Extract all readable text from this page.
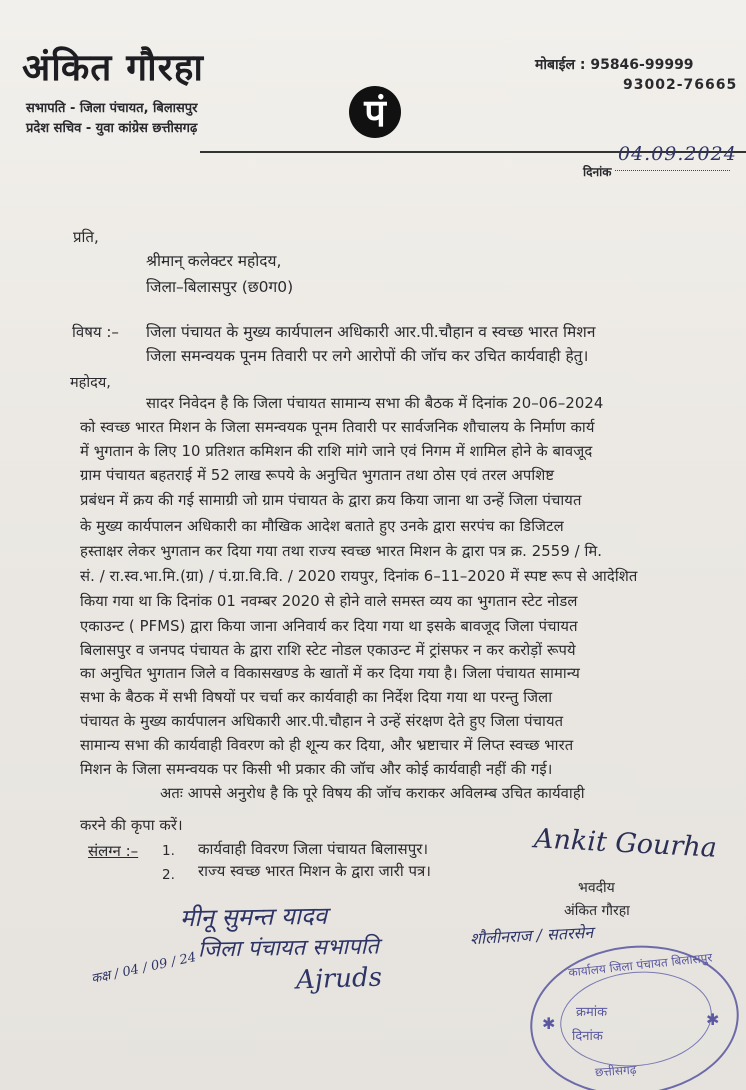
अंकित गौरहा
सभापति - जिला पंचायत, बिलासपुर
प्रदेश सचिव - युवा कांग्रेस छत्तीसगढ़
मोबाईल : 95846-99999
93002-76665
पं
दिनांक
04.09.2024
प्रति,
श्रीमान् कलेक्टर महोदय,
जिला–बिलासपुर (छ0ग0)
विषय :– जिला पंचायत के मुख्य कार्यपालन अधिकारी आर.पी.चौहान व स्वच्छ भारत मिशन
जिला समन्वयक पूनम तिवारी पर लगे आरोपों की जॉच कर उचित कार्यवाही हेतु।
महोदय,
सादर निवेदन है कि जिला पंचायत सामान्य सभा की बैठक में दिनांक 20–06–2024
को स्वच्छ भारत मिशन के जिला समन्वयक पूनम तिवारी पर सार्वजनिक शौचालय के निर्माण कार्य
में भुगतान के लिए 10 प्रतिशत कमिशन की राशि मांगे जाने एवं निगम में शामिल होने के बावजूद
ग्राम पंचायत बहतराई में 52 लाख रूपये के अनुचित भुगतान तथा ठोस एवं तरल अपशिष्ट
प्रबंधन में क्रय की गई सामाग्री जो ग्राम पंचायत के द्वारा क्रय किया जाना था उन्हें जिला पंचायत
के मुख्य कार्यपालन अधिकारी का मौखिक आदेश बताते हुए उनके द्वारा सरपंच का डिजिटल
हस्ताक्षर लेकर भुगतान कर दिया गया तथा राज्य स्वच्छ भारत मिशन के द्वारा पत्र क्र. 2559 / मि.
सं. / रा.स्व.भा.मि.(ग्रा) / पं.ग्रा.वि.वि. / 2020 रायपुर, दिनांक 6–11–2020 में स्पष्ट रूप से आदेशित
किया गया था कि दिनांक 01 नवम्बर 2020 से होने वाले समस्त व्यय का भुगतान स्टेट नोडल
एकाउन्ट ( PFMS) द्वारा किया जाना अनिवार्य कर दिया गया था इसके बावजूद जिला पंचायत
बिलासपुर व जनपद पंचायत के द्वारा राशि स्टेट नोडल एकाउन्ट में ट्रांसफर न कर करोड़ों रूपये
का अनुचित भुगतान जिले व विकासखण्ड के खातों में कर दिया गया है। जिला पंचायत सामान्य
सभा के बैठक में सभी विषयों पर चर्चा कर कार्यवाही का निर्देश दिया गया था परन्तु जिला
पंचायत के मुख्य कार्यपालन अधिकारी आर.पी.चौहान ने उन्हें संरक्षण देते हुए जिला पंचायत
सामान्य सभा की कार्यवाही विवरण को ही शून्य कर दिया, और भ्रष्टाचार में लिप्त स्वच्छ भारत
मिशन के जिला समन्वयक पर किसी भी प्रकार की जॉच और कोई कार्यवाही नहीं की गई।
अतः आपसे अनुरोध है कि पूरे विषय की जॉच कराकर अविलम्ब उचित कार्यवाही
करने की कृपा करें।
संलग्न :– 1. कार्यवाही विवरण जिला पंचायत बिलासपुर।
2. राज्य स्वच्छ भारत मिशन के द्वारा जारी पत्र।
Ankit Gourha
भवदीय
अंकित गौरहा
मीनू सुमन्त यादव
जिला पंचायत सभापति	शौलीनराज / सतरसेन
Ajruds
कक्ष / 04 / 09 / 24	कार्यालय जिला पंचायत बिलासपुर
क्रमांक
दिनांक
छत्तीसगढ़
✱	✱
